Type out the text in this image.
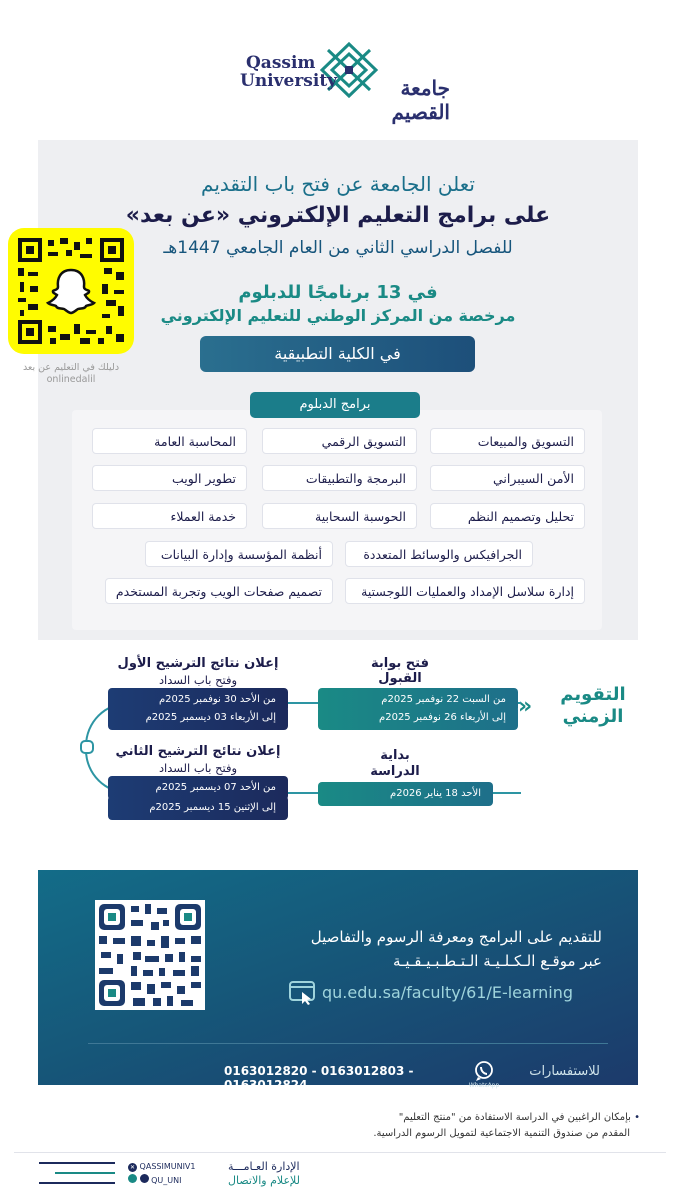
Qassim
University	جامعة القصيم
تعلن الجامعة عن فتح باب التقديم
على برامج التعليم الإلكتروني «عن بعد»
للفصل الدراسي الثاني من العام الجامعي 1447هـ
في 13 برنامجًا للدبلوم
مرخصة من المركز الوطني للتعليم الإلكتروني
في الكلية التطبيقية
دليلك في التعليم عن بعد
onlinedalil
برامج الدبلوم
التسويق والمبيعات
التسويق الرقمي
المحاسبة العامة
الأمن السيبراني
البرمجة والتطبيقات
تطوير الويب
تحليل وتصميم النظم
الحوسبة السحابية
خدمة العملاء
الجرافيكس والوسائط المتعددة
أنظمة المؤسسة وإدارة البيانات
إدارة سلاسل الإمداد والعمليات اللوجستية
تصميم صفحات الويب وتجربة المستخدم
التقويم
الزمني
»
فتح بوابة
القبول
من السبت 22 نوفمبر 2025م
إلى الأربعاء 26 نوفمبر 2025م
إعلان نتائج الترشيح الأول
وفتح باب السداد
من الأحد 30 نوفمبر 2025م
إلى الأربعاء 03 ديسمبر 2025م
بداية
الدراسة
الأحد 18 يناير 2026م
إعلان نتائج الترشيح الثاني
وفتح باب السداد
من الأحد 07 ديسمبر 2025م
إلى الإثنين 15 ديسمبر 2025م
للتقديم على البرامج ومعرفة الرسوم والتفاصيل
عبر موقـع الـكـلـيـة الـتـطـبـيـقـيـة
qu.edu.sa/faculty/61/E-learning
للاستفسارات
WhatsApp
0163012820 - 0163012803 - 0163012824
• بإمكان الراغبين في الدراسة الاستفادة من "منتج التعليم"
المقدم من صندوق التنمية الاجتماعية لتمويل الرسوم الدراسية.
الإدارة العـامـــة
للإعلام والاتصال
✕ QASSIMUNIV1
QU_UNI
